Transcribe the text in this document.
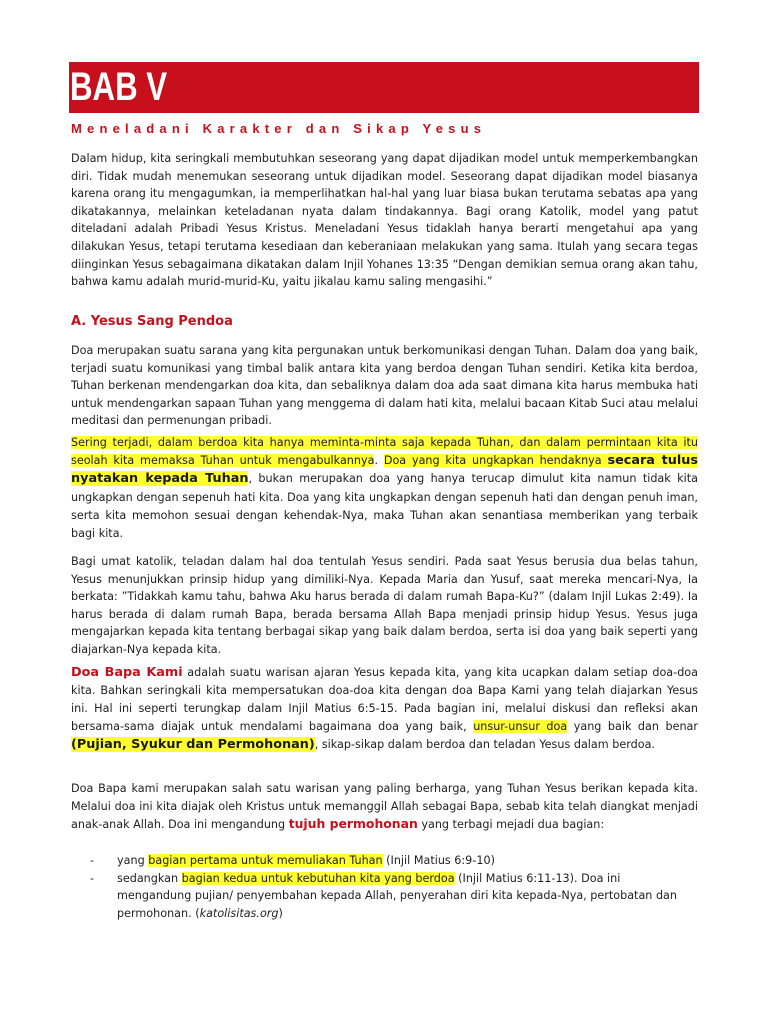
BAB V
Meneladani Karakter dan Sikap Yesus

Dalam hidup, kita seringkali membutuhkan seseorang yang dapat dijadikan model untuk memperkembangkan diri. Tidak mudah menemukan seseorang untuk dijadikan model. Seseorang dapat dijadikan model biasanya karena orang itu mengagumkan, ia memperlihatkan hal-hal yang luar biasa bukan terutama sebatas apa yang dikatakannya, melainkan keteladanan nyata dalam tindakannya. Bagi orang Katolik, model yang patut diteladani adalah Pribadi Yesus Kristus. Meneladani Yesus tidaklah hanya berarti mengetahui apa yang dilakukan Yesus, tetapi terutama kesediaan dan keberaniaan melakukan yang sama. Itulah yang secara tegas diinginkan Yesus sebagaimana dikatakan dalam Injil Yohanes 13:35 “Dengan demikian semua orang akan tahu, bahwa kamu adalah murid-murid-Ku, yaitu jikalau kamu saling mengasihi.”

A. Yesus Sang Pendoa

Doa merupakan suatu sarana yang kita pergunakan untuk berkomunikasi dengan Tuhan. Dalam doa yang baik, terjadi suatu komunikasi yang timbal balik antara kita yang berdoa dengan Tuhan sendiri. Ketika kita berdoa, Tuhan berkenan mendengarkan doa kita, dan sebaliknya dalam doa ada saat dimana kita harus membuka hati untuk mendengarkan sapaan Tuhan yang menggema di dalam hati kita, melalui bacaan Kitab Suci atau melalui meditasi dan permenungan pribadi.

Sering terjadi, dalam berdoa kita hanya meminta-minta saja kepada Tuhan, dan dalam permintaan kita itu seolah kita memaksa Tuhan untuk mengabulkannya. Doa yang kita ungkapkan hendaknya secara tulus nyatakan kepada Tuhan, bukan merupakan doa yang hanya terucap dimulut kita namun tidak kita ungkapkan dengan sepenuh hati kita. Doa yang kita ungkapkan dengan sepenuh hati dan dengan penuh iman, serta kita memohon sesuai dengan kehendak-Nya, maka Tuhan akan senantiasa memberikan yang terbaik bagi kita.

Bagi umat katolik, teladan dalam hal doa tentulah Yesus sendiri. Pada saat Yesus berusia dua belas tahun, Yesus menunjukkan prinsip hidup yang dimiliki-Nya. Kepada Maria dan Yusuf, saat mereka mencari-Nya, Ia berkata: ”Tidakkah kamu tahu, bahwa Aku harus berada di dalam rumah Bapa-Ku?” (dalam Injil Lukas 2:49). Ia harus berada di dalam rumah Bapa, berada bersama Allah Bapa menjadi prinsip hidup Yesus. Yesus juga mengajarkan kepada kita tentang berbagai sikap yang baik dalam berdoa, serta isi doa yang baik seperti yang diajarkan-Nya kepada kita.

Doa Bapa Kami adalah suatu warisan ajaran Yesus kepada kita, yang kita ucapkan dalam setiap doa-doa kita. Bahkan seringkali kita mempersatukan doa-doa kita dengan doa Bapa Kami yang telah diajarkan Yesus ini. Hal ini seperti terungkap dalam Injil Matius 6:5-15. Pada bagian ini, melalui diskusi dan refleksi akan bersama-sama diajak untuk mendalami bagaimana doa yang baik, unsur-unsur doa yang baik dan benar (Pujian, Syukur dan Permohonan), sikap-sikap dalam berdoa dan teladan Yesus dalam berdoa.

Doa Bapa kami merupakan salah satu warisan yang paling berharga, yang Tuhan Yesus berikan kepada kita. Melalui doa ini kita diajak oleh Kristus untuk memanggil Allah sebagai Bapa, sebab kita telah diangkat menjadi anak-anak Allah. Doa ini mengandung tujuh permohonan yang terbagi mejadi dua bagian:

- yang bagian pertama untuk memuliakan Tuhan (Injil Matius 6:9-10)
- sedangkan bagian kedua untuk kebutuhan kita yang berdoa (Injil Matius 6:11-13). Doa ini mengandung pujian/ penyembahan kepada Allah, penyerahan diri kita kepada-Nya, pertobatan dan permohonan. (katolisitas.org)
